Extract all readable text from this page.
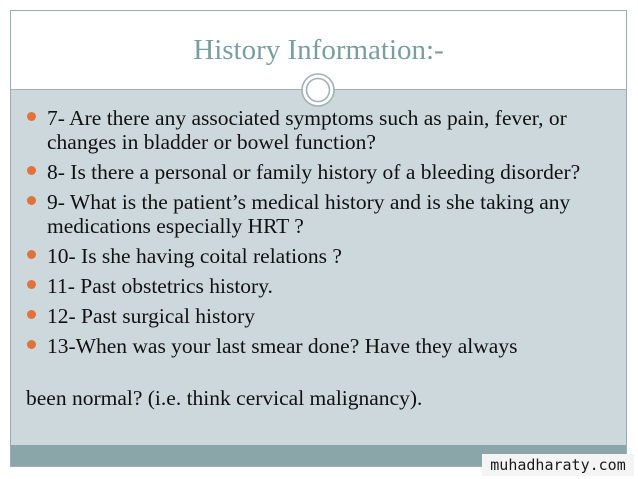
History Information:-
7- Are there any associated symptoms such as pain, fever, or changes in bladder or bowel function?
8- Is there a personal or family history of a bleeding disorder?
9- What is the patient’s medical history and is she taking any medications especially HRT ?
10- Is she having coital relations ?
11- Past obstetrics history.
12- Past surgical history
13-When was your last smear done? Have they always
been normal? (i.e. think cervical malignancy).
muhadharaty.com
